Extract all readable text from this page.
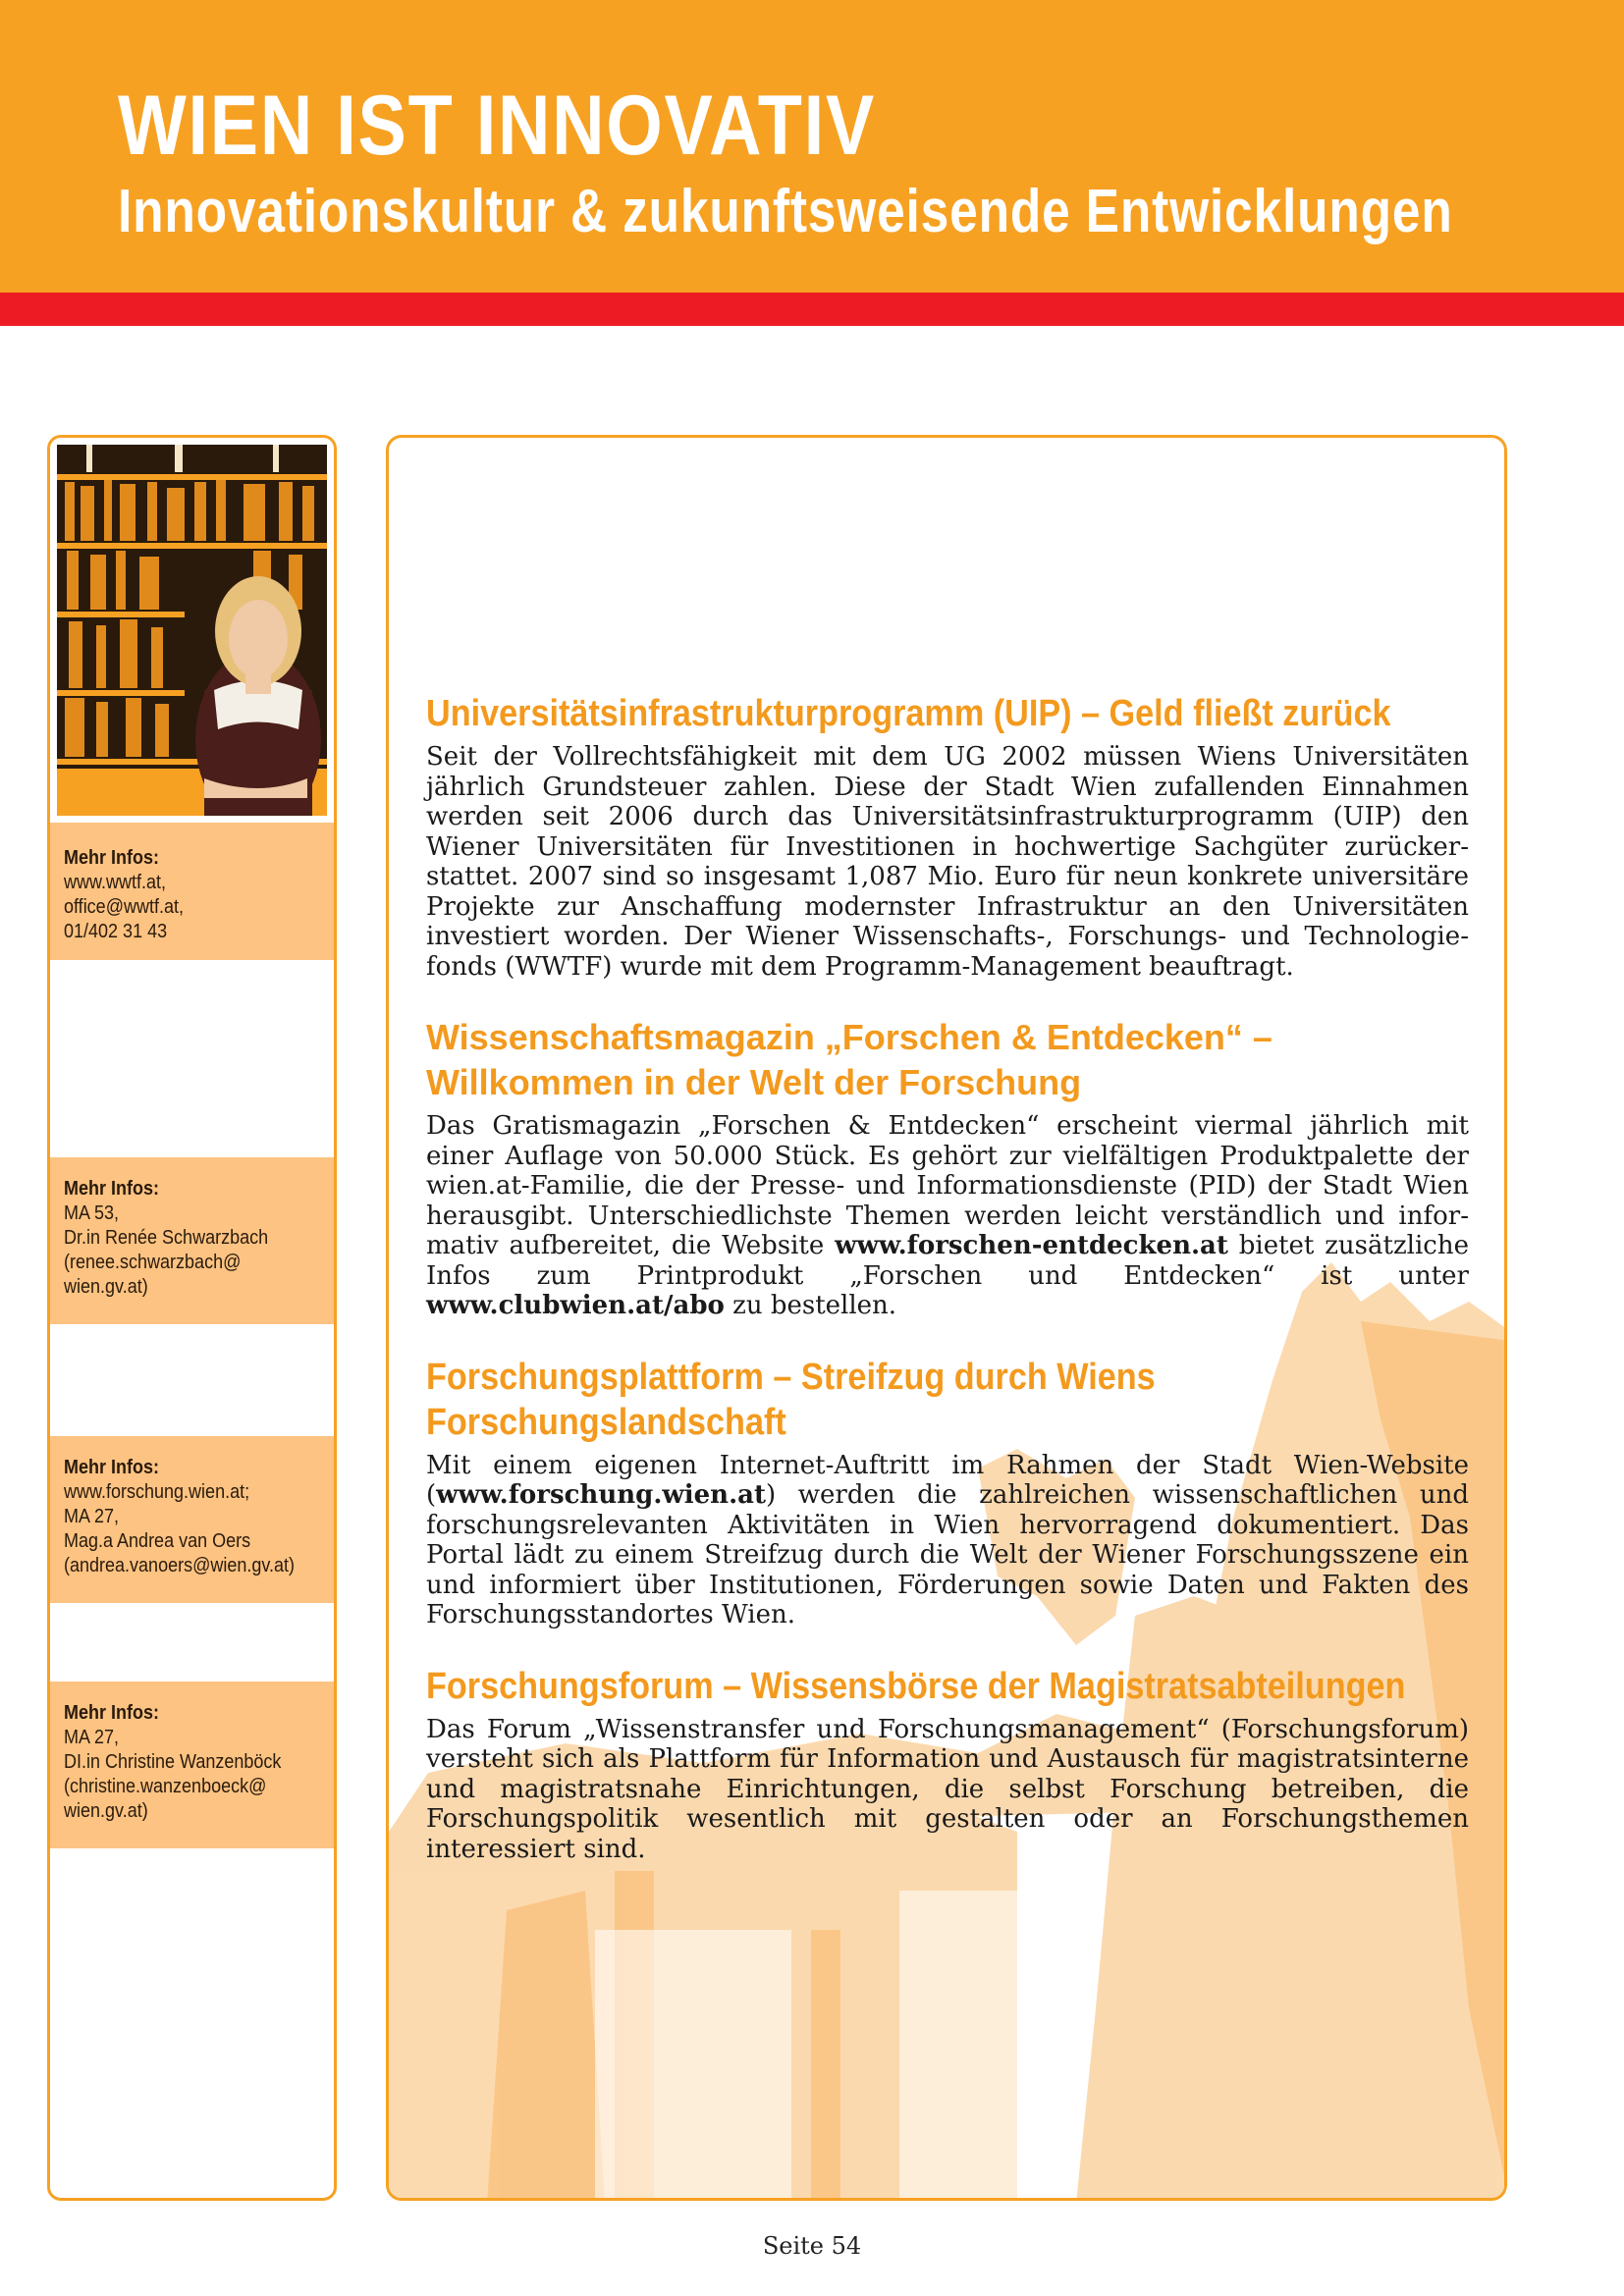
WIEN IST INNOVATIV
Innovationskultur & zukunftsweisende Entwicklungen
Mehr Infos:
www.wwtf.at,
office@wwtf.at,
01/402 31 43
Mehr Infos:
MA 53,
Dr.in Renée Schwarzbach
(renee.schwarzbach@
wien.gv.at)
Mehr Infos:
www.forschung.wien.at;
MA 27,
Mag.a Andrea van Oers
(andrea.vanoers@wien.gv.at)
Mehr Infos:
MA 27,
DI.in Christine Wanzenböck
(christine.wanzenboeck@
wien.gv.at)
Universitätsinfrastrukturprogramm (UIP) – Geld fließt zurück

Seit der Vollrechtsfähigkeit mit dem UG 2002 müssen Wiens Universitäten jährlich Grundsteuer zahlen. Diese der Stadt Wien zufallenden Einnahmen werden seit 2006 durch das Universitätsinfrastrukturprogramm (UIP) den Wiener Universitäten für Investitionen in hochwertige Sachgüter zurückerstattet. 2007 sind so insgesamt 1,087 Mio. Euro für neun konkrete universitäre Projekte zur Anschaffung modernster Infrastruktur an den Universitäten investiert worden. Der Wiener Wissenschafts-, Forschungs- und Technologiefonds (WWTF) wurde mit dem Programm-Management beauftragt.

Wissenschaftsmagazin „Forschen & Entdecken“ – Willkommen in der Welt der Forschung

Das Gratismagazin „Forschen & Entdecken“ erscheint viermal jährlich mit einer Auflage von 50.000 Stück. Es gehört zur vielfältigen Produktpalette der wien.at-Familie, die der Presse- und Informationsdienste (PID) der Stadt Wien herausgibt. Unterschiedlichste Themen werden leicht verständlich und informativ aufbereitet, die Website www.forschen-entdecken.at bietet zusätzliche Infos zum Printprodukt „Forschen und Entdecken“ ist unter www.clubwien.at/abo zu bestellen.

Forschungsplattform – Streifzug durch Wiens Forschungslandschaft

Mit einem eigenen Internet-Auftritt im Rahmen der Stadt Wien-Website (www.forschung.wien.at) werden die zahlreichen wissenschaftlichen und forschungsrelevanten Aktivitäten in Wien hervorragend dokumentiert. Das Portal lädt zu einem Streifzug durch die Welt der Wiener Forschungsszene ein und informiert über Institutionen, Förderungen sowie Daten und Fakten des Forschungsstandortes Wien.

Forschungsforum – Wissensbörse der Magistratsabteilungen

Das Forum „Wissenstransfer und Forschungsmanagement“ (Forschungsforum) versteht sich als Plattform für Information und Austausch für magistratsinterne und magistratsnahe Einrichtungen, die selbst Forschung betreiben, die Forschungspolitik wesentlich mit gestalten oder an Forschungsthemen interessiert sind.

Seite 54
